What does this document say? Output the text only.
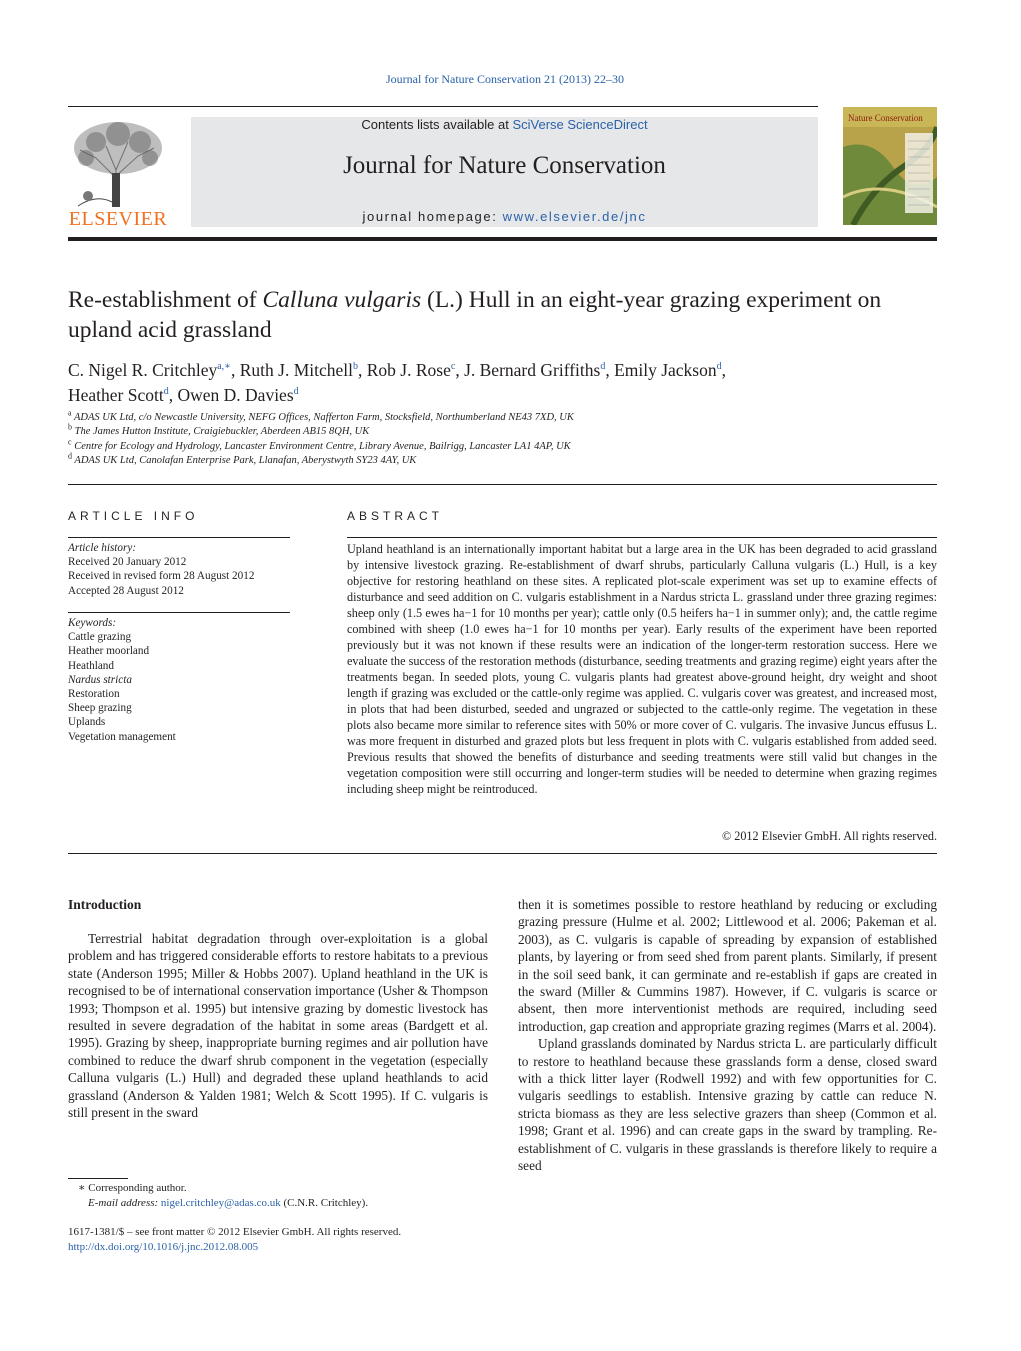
Journal for Nature Conservation 21 (2013) 22–30
ELSEVIER
Contents lists available at SciVerse ScienceDirect
Journal for Nature Conservation
journal homepage: www.elsevier.de/jnc
Nature Conservation
Re-establishment of Calluna vulgaris (L.) Hull in an eight-year grazing experiment on upland acid grassland
C. Nigel R. Critchley$^{a,∗}$, Ruth J. Mitchell$^b$, Rob J. Rose$^c$, J. Bernard Griffiths$^d$, Emily Jackson$^d$,
Heather Scott$^d$, Owen D. Davies$^d$
$^a$ ADAS UK Ltd, c/o Newcastle University, NEFG Offices, Nafferton Farm, Stocksfield, Northumberland NE43 7XD, UK
$^b$ The James Hutton Institute, Craigiebuckler, Aberdeen AB15 8QH, UK
$^c$ Centre for Ecology and Hydrology, Lancaster Environment Centre, Library Avenue, Bailrigg, Lancaster LA1 4AP, UK
$^d$ ADAS UK Ltd, Canolafan Enterprise Park, Llanafan, Aberystwyth SY23 4AY, UK
ARTICLE INFO
Article history:
Received 20 January 2012
Received in revised form 28 August 2012
Accepted 28 August 2012
Keywords:
Cattle grazing
Heather moorland
Heathland
Nardus stricta
Restoration
Sheep grazing
Uplands
Vegetation management
ABSTRACT
Upland heathland is an internationally important habitat but a large area in the UK has been degraded to acid grassland by intensive livestock grazing. Re-establishment of dwarf shrubs, particularly Calluna vulgaris (L.) Hull, is a key objective for restoring heathland on these sites. A replicated plot-scale experiment was set up to examine effects of disturbance and seed addition on C. vulgaris establishment in a Nardus stricta L. grassland under three grazing regimes: sheep only (1.5 ewes ha−1 for 10 months per year); cattle only (0.5 heifers ha−1 in summer only); and, the cattle regime combined with sheep (1.0 ewes ha−1 for 10 months per year). Early results of the experiment have been reported previously but it was not known if these results were an indication of the longer-term restoration success. Here we evaluate the success of the restoration methods (disturbance, seeding treatments and grazing regime) eight years after the treatments began. In seeded plots, young C. vulgaris plants had greatest above-ground height, dry weight and shoot length if grazing was excluded or the cattle-only regime was applied. C. vulgaris cover was greatest, and increased most, in plots that had been disturbed, seeded and ungrazed or subjected to the cattle-only regime. The vegetation in these plots also became more similar to reference sites with 50% or more cover of C. vulgaris. The invasive Juncus effusus L. was more frequent in disturbed and grazed plots but less frequent in plots with C. vulgaris established from added seed. Previous results that showed the benefits of disturbance and seeding treatments were still valid but changes in the vegetation composition were still occurring and longer-term studies will be needed to determine when grazing regimes including sheep might be reintroduced.
© 2012 Elsevier GmbH. All rights reserved.
Introduction

Terrestrial habitat degradation through over-exploitation is a global problem and has triggered considerable efforts to restore habitats to a previous state (Anderson 1995; Miller & Hobbs 2007). Upland heathland in the UK is recognised to be of international conservation importance (Usher & Thompson 1993; Thompson et al. 1995) but intensive grazing by domestic livestock has resulted in severe degradation of the habitat in some areas (Bardgett et al. 1995). Grazing by sheep, inappropriate burning regimes and air pollution have combined to reduce the dwarf shrub component in the vegetation (especially Calluna vulgaris (L.) Hull) and degraded these upland heathlands to acid grassland (Anderson & Yalden 1981; Welch & Scott 1995). If C. vulgaris is still present in the sward

then it is sometimes possible to restore heathland by reducing or excluding grazing pressure (Hulme et al. 2002; Littlewood et al. 2006; Pakeman et al. 2003), as C. vulgaris is capable of spreading by expansion of established plants, by layering or from seed shed from parent plants. Similarly, if present in the soil seed bank, it can germinate and re-establish if gaps are created in the sward (Miller & Cummins 1987). However, if C. vulgaris is scarce or absent, then more interventionist methods are required, including seed introduction, gap creation and appropriate grazing regimes (Marrs et al. 2004).

Upland grasslands dominated by Nardus stricta L. are particularly difficult to restore to heathland because these grasslands form a dense, closed sward with a thick litter layer (Rodwell 1992) and with few opportunities for C. vulgaris seedlings to establish. Intensive grazing by cattle can reduce N. stricta biomass as they are less selective grazers than sheep (Common et al. 1998; Grant et al. 1996) and can create gaps in the sward by trampling. Re-establishment of C. vulgaris in these grasslands is therefore likely to require a seed

∗ Corresponding author.
E-mail address: nigel.critchley@adas.co.uk (C.N.R. Critchley).
1617-1381/$ – see front matter © 2012 Elsevier GmbH. All rights reserved.
http://dx.doi.org/10.1016/j.jnc.2012.08.005
